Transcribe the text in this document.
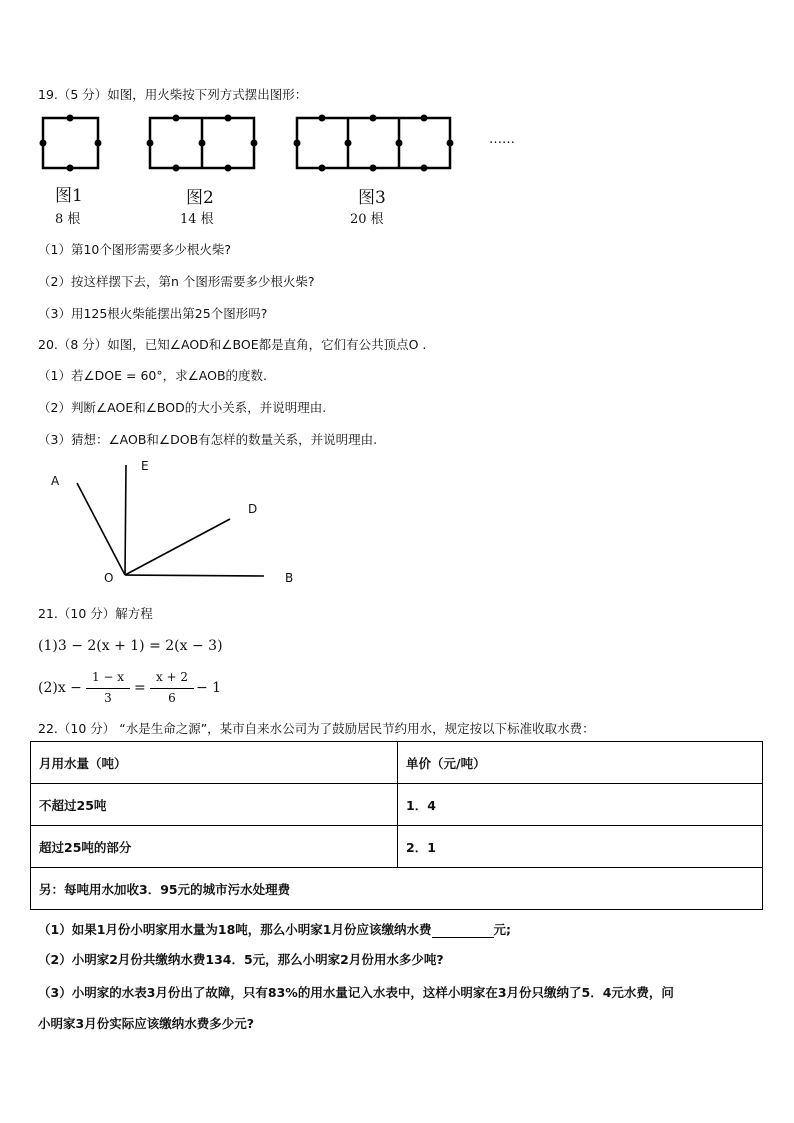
19.（5 分）如图，用火柴按下列方式摆出图形：
……
图1
8 根
图2
14 根
图3
20 根
（1）第10个图形需要多少根火柴?
（2）按这样摆下去，第n 个图形需要多少根火柴?
（3）用125根火柴能摆出第25个图形吗?
20.（8 分）如图，已知∠AOD和∠BOE都是直角，它们有公共顶点O .
（1）若∠DOE = 60°，求∠AOB的度数.
（2）判断∠AOE和∠BOD的大小关系，并说明理由.
（3）猜想：∠AOB和∠DOB有怎样的数量关系，并说明理由.
A
E
D
O	B
21.（10 分）解方程
(1)3 − 2(x + 1) = 2(x − 3)
(2)x −
1 − x
3
=
x + 2
6
− 1
22.（10 分） “水是生命之源”，某市自来水公司为了鼓励居民节约用水，规定按以下标准收取水费：
月用水量（吨）	单价（元/吨）
不超过25吨	1．4
超过25吨的部分	2．1
另：每吨用水加收3．95元的城市污水处理费	
（1）如果1月份小明家用水量为18吨，那么小明家1月份应该缴纳水费	元;
（2）小明家2月份共缴纳水费134．5元，那么小明家2月份用水多少吨?
（3）小明家的水表3月份出了故障，只有83%的用水量记入水表中，这样小明家在3月份只缴纳了5．4元水费，问
小明家3月份实际应该缴纳水费多少元?
